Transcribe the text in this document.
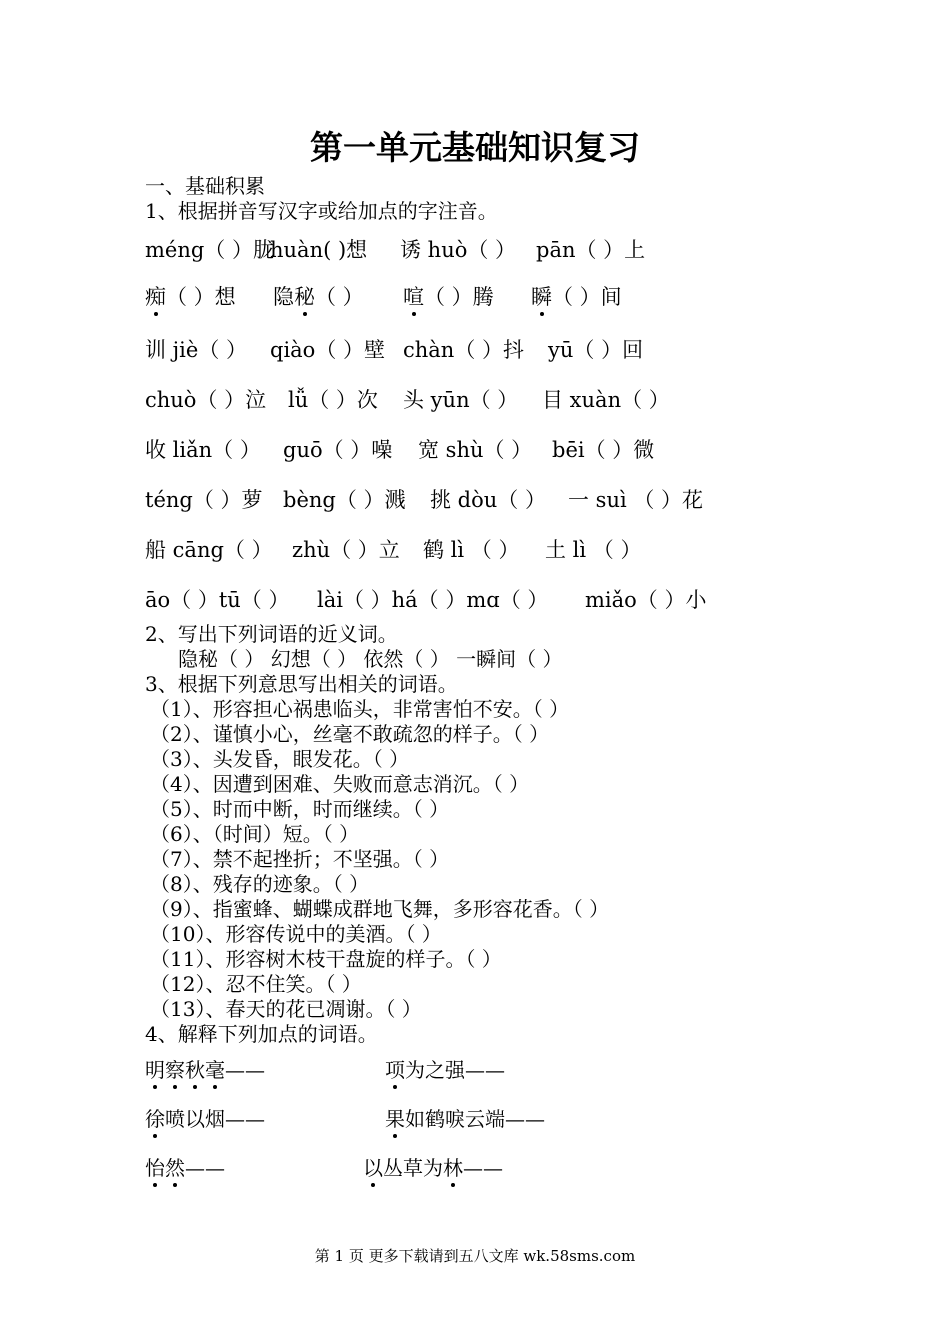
第一单元基础知识复习
一、基础积累
1、根据拼音写汉字或给加点的字注音。
méng（ ）胧huàn( )想 诱 huò（ ） pān（ ）上
痴（ ）想 隐秘（ ） 喧（ ）腾 瞬（ ）间
训 jiè（ ） qiào（ ）壁 chàn（ ）抖 yū（ ）回
chuò（ ）泣 lǚ（ ）次 头 yūn（ ） 目 xuàn（ ）
收 liǎn（ ） guō（ ）噪 宽 shù（ ） bēi（ ）微
téng（ ）萝 bèng（ ）溅 挑 dòu（ ） 一 suì （ ）花
船 cāng（ ） zhù（ ）立 鹤 lì （ ） 土 lì （ ）
āo（ ）tū（ ） lài（ ）há（ ）mɑ（ ） miǎo（ ）小
2、写出下列词语的近义词。
隐秘（ ） 幻想（ ） 依然（ ） 一瞬间（ ）
3、根据下列意思写出相关的词语。
（1）、形容担心祸患临头，非常害怕不安。（ ）
（2）、谨慎小心，丝毫不敢疏忽的样子。（ ）
（3）、头发昏，眼发花。（ ）
（4）、因遭到困难、失败而意志消沉。（ ）
（5）、时而中断，时而继续。（ ）
（6）、（时间）短。（ ）
（7）、禁不起挫折；不坚强。（ ）
（8）、残存的迹象。（ ）
（9）、指蜜蜂、蝴蝶成群地飞舞，多形容花香。（ ）
（10）、形容传说中的美酒。（ ）
（11）、形容树木枝干盘旋的样子。（ ）
（12）、忍不住笑。（ ）
（13）、春天的花已凋谢。（ ）
4、解释下列加点的词语。
明察秋毫——	项为之强——
徐喷以烟——	果如鹤唳云端——
怡然——	以丛草为林——
第 1 页 更多下载请到五八文库 wk.58sms.com
